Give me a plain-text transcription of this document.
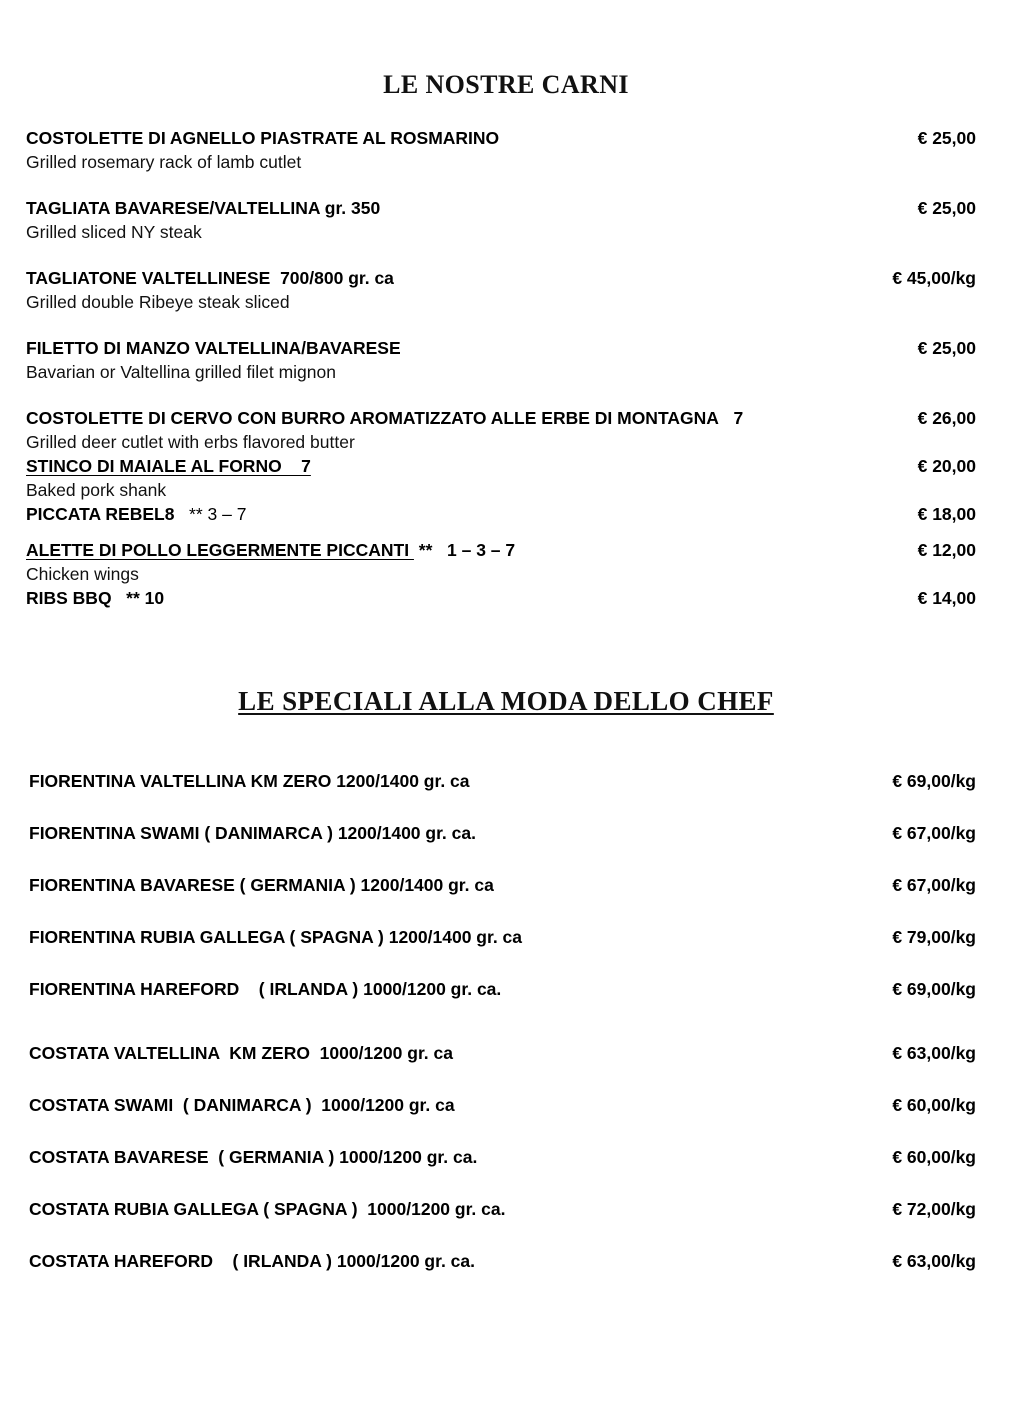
LE NOSTRE CARNI
COSTOLETTE DI AGNELLO PIASTRATE AL ROSMARINO	€ 25,00
Grilled rosemary rack of lamb cutlet
TAGLIATA BAVARESE/VALTELLINA gr. 350	€ 25,00
Grilled sliced NY steak
TAGLIATONE VALTELLINESE  700/800 gr. ca	€ 45,00/kg
Grilled double Ribeye steak sliced
FILETTO DI MANZO VALTELLINA/BAVARESE	€ 25,00
Bavarian or Valtellina grilled filet mignon
COSTOLETTE DI CERVO CON BURRO AROMATIZZATO ALLE ERBE DI MONTAGNA   7	€ 26,00
Grilled deer cutlet with erbs flavored butter
STINCO DI MAIALE AL FORNO    7	€ 20,00
Baked pork shank
PICCATA REBEL8   ** 3 – 7	€ 18,00
ALETTE DI POLLO LEGGERMENTE PICCANTI  **   1 – 3 – 7	€ 12,00
Chicken wings
RIBS BBQ   ** 10	€ 14,00
LE SPECIALI ALLA MODA DELLO CHEF
FIORENTINA VALTELLINA KM ZERO 1200/1400 gr. ca	€ 69,00/kg
FIORENTINA SWAMI ( DANIMARCA ) 1200/1400 gr. ca.	€ 67,00/kg
FIORENTINA BAVARESE ( GERMANIA ) 1200/1400 gr. ca	€ 67,00/kg
FIORENTINA RUBIA GALLEGA ( SPAGNA ) 1200/1400 gr. ca	€ 79,00/kg
FIORENTINA HAREFORD    ( IRLANDA ) 1000/1200 gr. ca.	€ 69,00/kg
COSTATA VALTELLINA  KM ZERO  1000/1200 gr. ca	€ 63,00/kg
COSTATA SWAMI  ( DANIMARCA )  1000/1200 gr. ca	€ 60,00/kg
COSTATA BAVARESE  ( GERMANIA ) 1000/1200 gr. ca.	€ 60,00/kg
COSTATA RUBIA GALLEGA ( SPAGNA )  1000/1200 gr. ca.	€ 72,00/kg
COSTATA HAREFORD    ( IRLANDA ) 1000/1200 gr. ca.	€ 63,00/kg
